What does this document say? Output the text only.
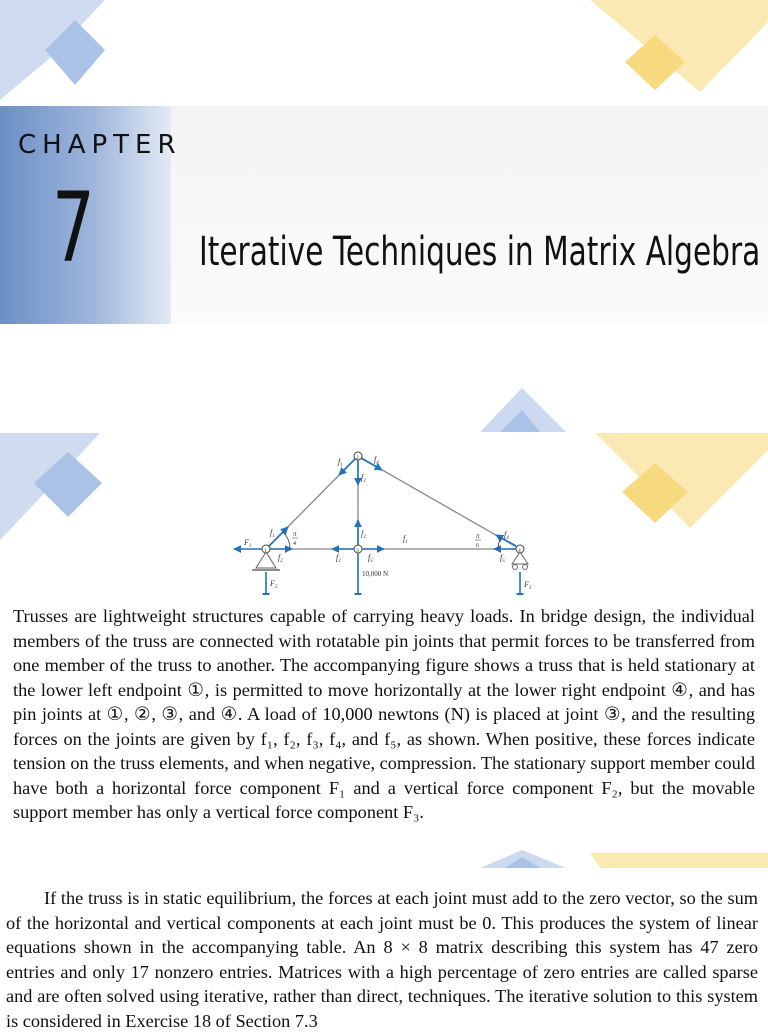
CHAPTER
7	Iterative Techniques in Matrix Algebra
1
2
3	4
$F_1$
$F_2$	$F_3$
$f_1$
$f_2$
$f_1$
$f_4$
$f_3$
$f_3$
$f_2$	$f_5$
$f_1$
$f_4$
$f_5$
10,000 N
π
4
π
6

Trusses are lightweight structures capable of carrying heavy loads. In bridge design, the individual members of the truss are connected with rotatable pin joints that permit forces to be transferred from one member of the truss to another. The accompanying figure shows a truss that is held stationary at the lower left endpoint ①, is permitted to move horizontally at the lower right endpoint ④, and has pin joints at ①, ②, ③, and ④. A load of 10,000 newtons (N) is placed at joint ③, and the resulting forces on the joints are given by f₁, f₂, f₃, f₄, and f₅, as shown. When positive, these forces indicate tension on the truss elements, and when negative, compression. The stationary support member could have both a horizontal force component F₁ and a vertical force component F₂, but the movable support member has only a vertical force component F₃.

If the truss is in static equilibrium, the forces at each joint must add to the zero vector, so the sum of the horizontal and vertical components at each joint must be 0. This produces the system of linear equations shown in the accompanying table. An 8 × 8 matrix describing this system has 47 zero entries and only 17 nonzero entries. Matrices with a high percentage of zero entries are called sparse and are often solved using iterative, rather than direct, techniques. The iterative solution to this system is considered in Exercise 18 of Section 7.3
